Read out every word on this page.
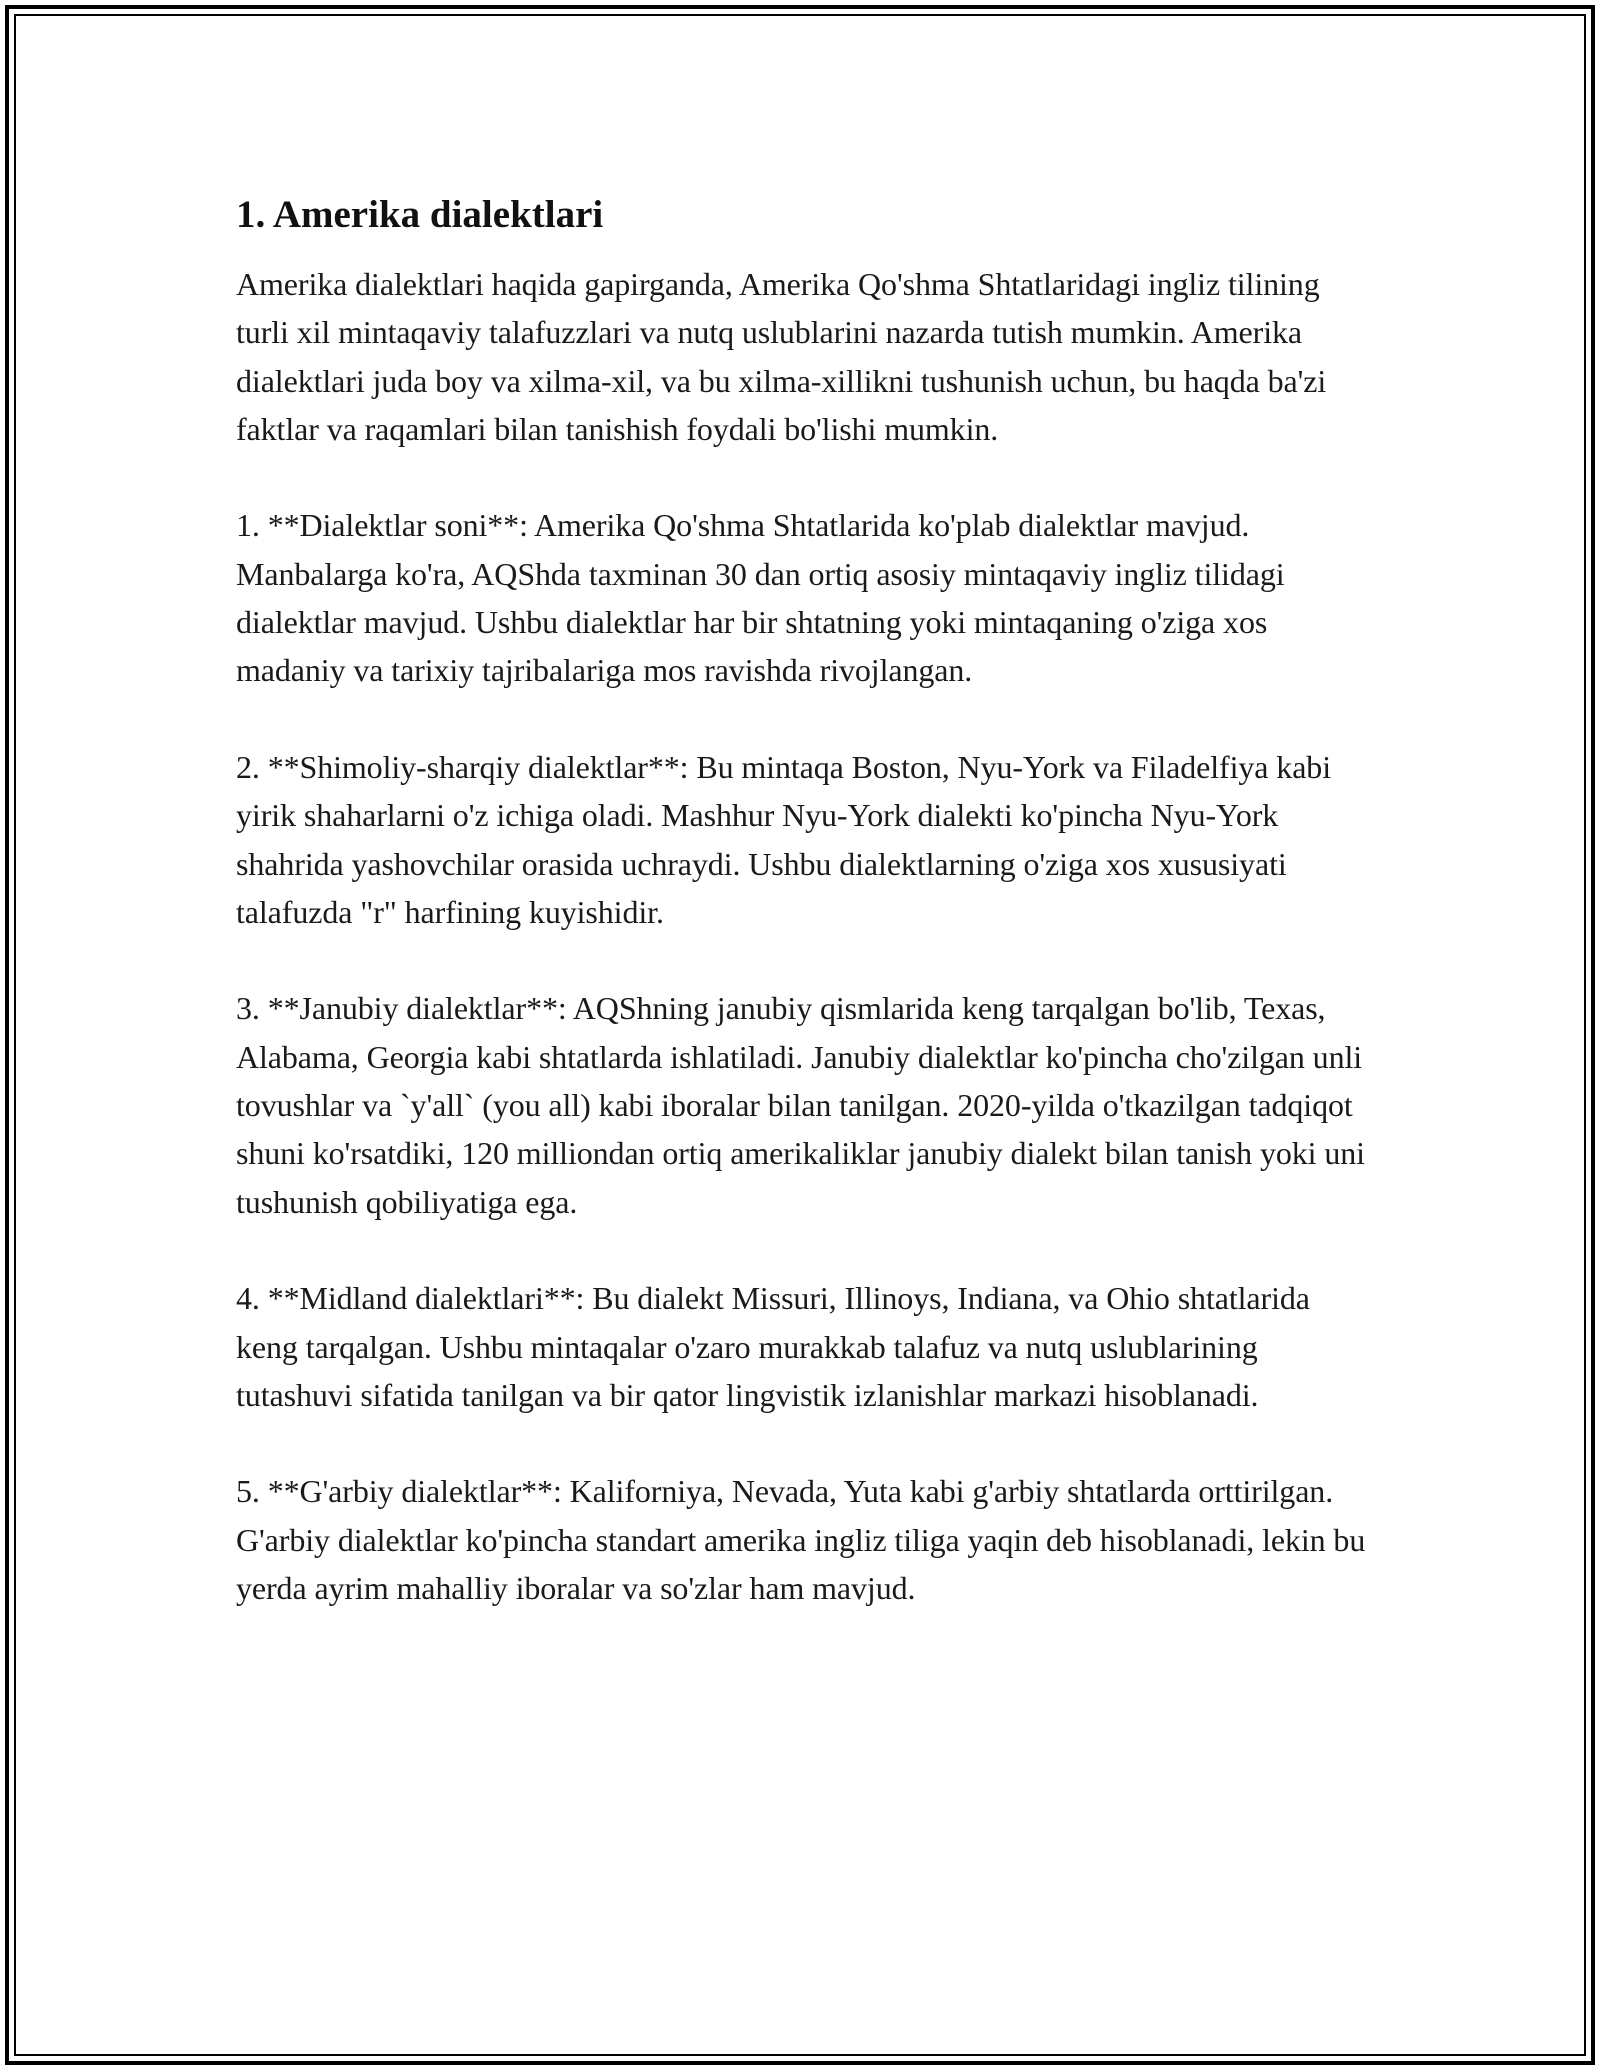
1. Amerika dialektlari

Amerika dialektlari haqida gapirganda, Amerika Qo'shma Shtatlaridagi ingliz tilining turli xil mintaqaviy talafuzzlari va nutq uslublarini nazarda tutish mumkin. Amerika dialektlari juda boy va xilma-xil, va bu xilma-xillikni tushunish uchun, bu haqda ba'zi faktlar va raqamlari bilan tanishish foydali bo'lishi mumkin.

1. **Dialektlar soni**: Amerika Qo'shma Shtatlarida ko'plab dialektlar mavjud. Manbalarga ko'ra, AQShda taxminan 30 dan ortiq asosiy mintaqaviy ingliz tilidagi dialektlar mavjud. Ushbu dialektlar har bir shtatning yoki mintaqaning o'ziga xos madaniy va tarixiy tajribalariga mos ravishda rivojlangan.

2. **Shimoliy-sharqiy dialektlar**: Bu mintaqa Boston, Nyu-York va Filadelfiya kabi yirik shaharlarni o'z ichiga oladi. Mashhur Nyu-York dialekti ko'pincha Nyu-York shahrida yashovchilar orasida uchraydi. Ushbu dialektlarning o'ziga xos xususiyati talafuzda "r" harfining kuyishidir.

3. **Janubiy dialektlar**: AQShning janubiy qismlarida keng tarqalgan bo'lib, Texas, Alabama, Georgia kabi shtatlarda ishlatiladi. Janubiy dialektlar ko'pincha cho'zilgan unli tovushlar va `y'all` (you all) kabi iboralar bilan tanilgan. 2020-yilda o'tkazilgan tadqiqot shuni ko'rsatdiki, 120 milliondan ortiq amerikaliklar janubiy dialekt bilan tanish yoki uni tushunish qobiliyatiga ega.

4. **Midland dialektlari**: Bu dialekt Missuri, Illinoys, Indiana, va Ohio shtatlarida keng tarqalgan. Ushbu mintaqalar o'zaro murakkab talafuz va nutq uslublarining tutashuvi sifatida tanilgan va bir qator lingvistik izlanishlar markazi hisoblanadi.

5. **G'arbiy dialektlar**: Kaliforniya, Nevada, Yuta kabi g'arbiy shtatlarda orttirilgan. G'arbiy dialektlar ko'pincha standart amerika ingliz tiliga yaqin deb hisoblanadi, lekin bu yerda ayrim mahalliy iboralar va so'zlar ham mavjud.
